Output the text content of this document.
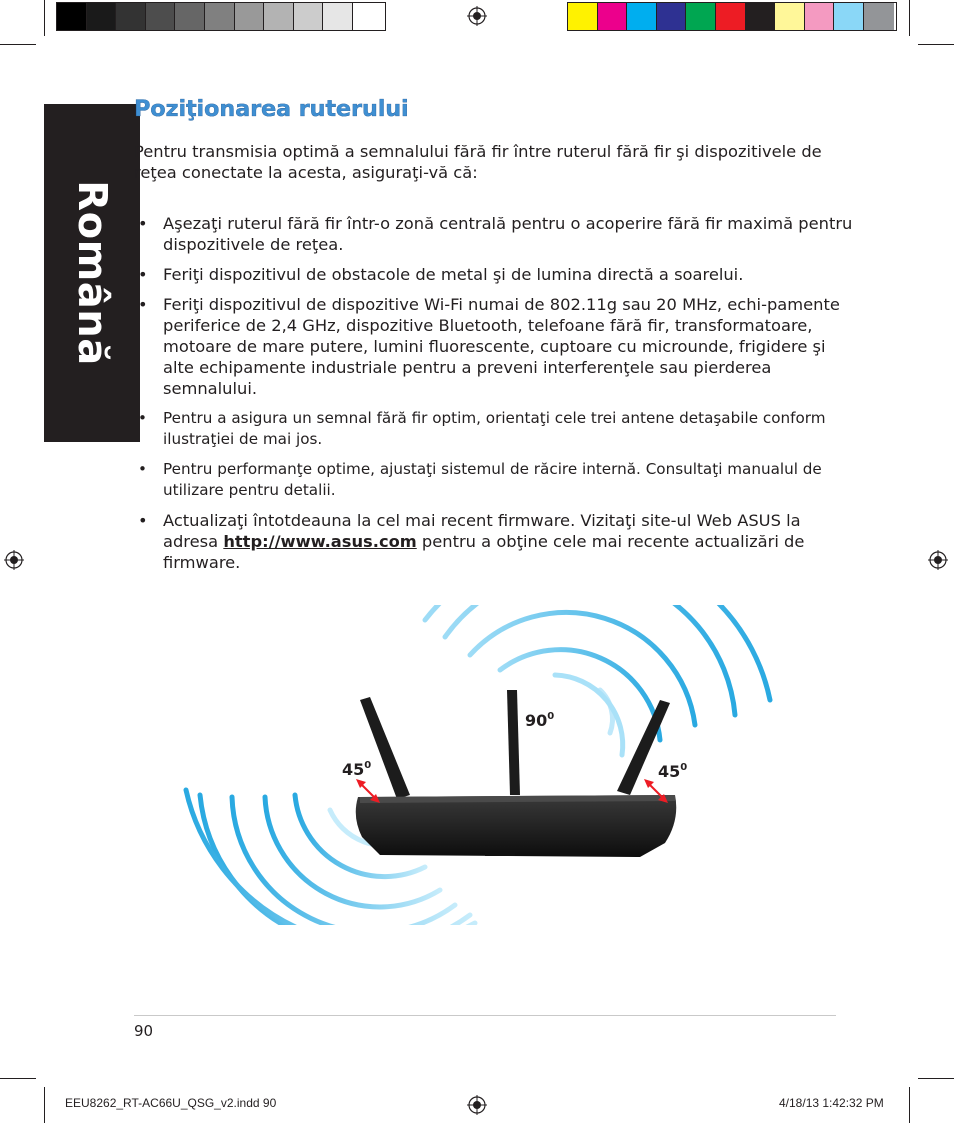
Română
Poziţionarea ruterului

Pentru transmisia optimă a semnalului fără fir între ruterul fără fir şi dispozitivele de reţea conectate la acesta, asiguraţi-vă că:

• Aşezaţi ruterul fără fir într-o zonă centrală pentru o acoperire fără fir maximă pentru dispozitivele de reţea.
• Feriţi dispozitivul de obstacole de metal şi de lumina directă a soarelui.
• Feriţi dispozitivul de dispozitive Wi-Fi numai de 802.11g sau 20 MHz, echi-pamente periferice de 2,4 GHz, dispozitive Bluetooth, telefoane fără fir, transformatoare, motoare de mare putere, lumini fluorescente, cuptoare cu microunde, frigidere şi alte echipamente industriale pentru a preveni interferenţele sau pierderea semnalului.
• Pentru a asigura un semnal fără fir optim, orientaţi cele trei antene detaşabile conform ilustraţiei de mai jos.
• Pentru performanţe optime, ajustaţi sistemul de răcire internă. Consultaţi manualul de utilizare pentru detalii.
• Actualizaţi întotdeauna la cel mai recent firmware. Vizitaţi site-ul Web ASUS la adresa http://www.asus.com pentru a obţine cele mai recente actualizări de firmware.
$45^0$
$90^0$
$45^0$
90
EEU8262_RT-AC66U_QSG_v2.indd 90	4/18/13 1:42:32 PM
